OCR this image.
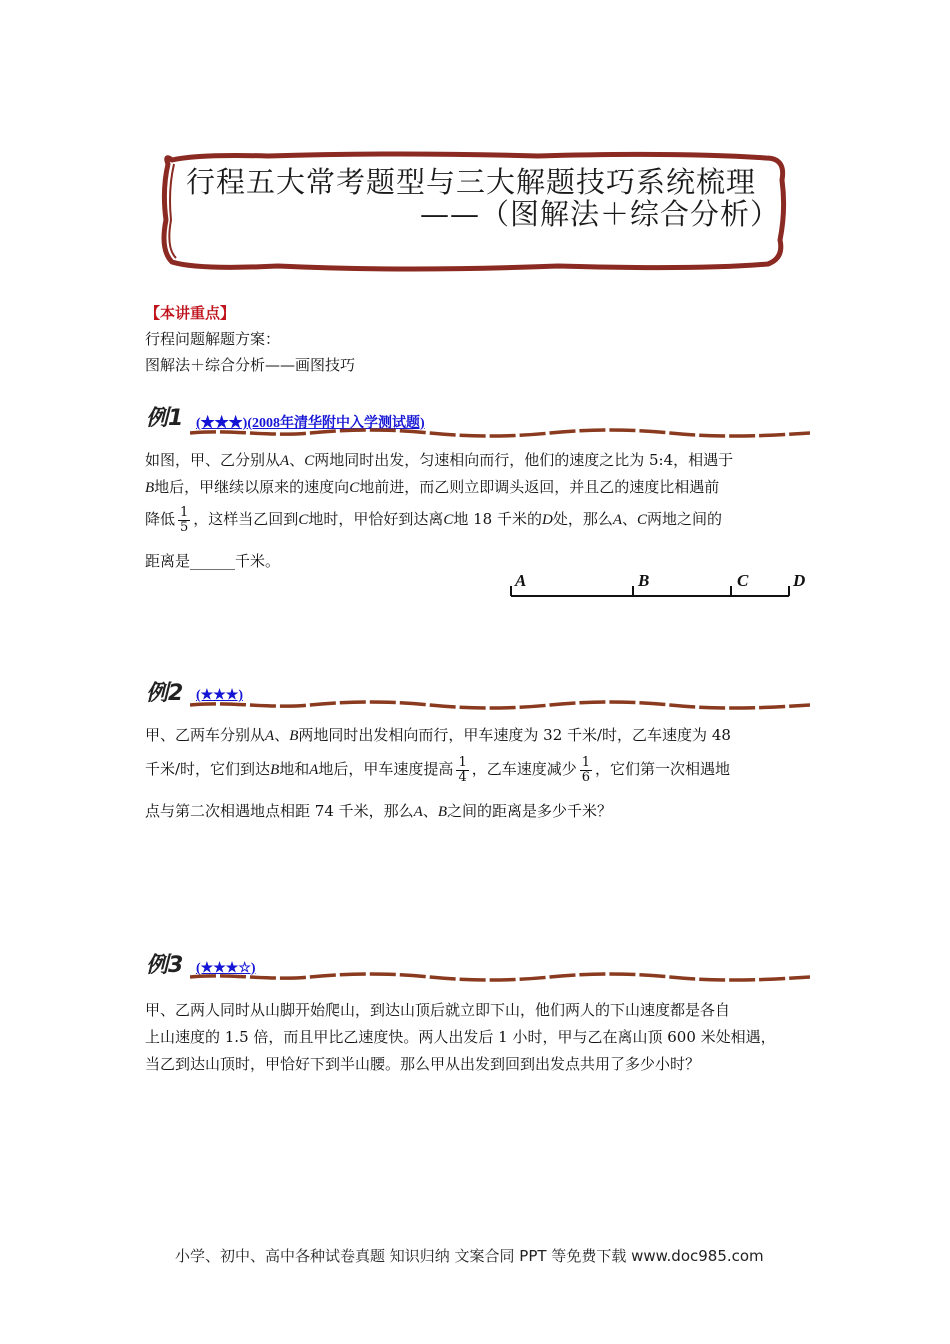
行程五大常考题型与三大解题技巧系统梳理
——（图解法＋综合分析）
【本讲重点】
行程问题解题方案：
图解法＋综合分析——画图技巧
例1 (★★★)(2008年清华附中入学测试题)
如图，甲、乙分别从A、C两地同时出发，匀速相向而行，他们的速度之比为 5:4，相遇于
B地后，甲继续以原来的速度向C地前进，而乙则立即调头返回，并且乙的速度比相遇前
降低 $\frac{1}{5}$ ，这样当乙回到C地时，甲恰好到达离C地 18 千米的D处，那么A、C两地之间的
距离是______千米。
A	B	C	D
例2 (★★★)
甲、乙两车分别从A、B两地同时出发相向而行，甲车速度为 32 千米/时，乙车速度为 48
千米/时，它们到达B地和A地后，甲车速度提高 $\frac{1}{4}$ ，乙车速度减少 $\frac{1}{6}$ ，它们第一次相遇地
点与第二次相遇地点相距 74 千米，那么A、B之间的距离是多少千米？
例3 (★★★☆)
甲、乙两人同时从山脚开始爬山，到达山顶后就立即下山，他们两人的下山速度都是各自
上山速度的 1.5 倍，而且甲比乙速度快。两人出发后 1 小时，甲与乙在离山顶 600 米处相遇，
当乙到达山顶时，甲恰好下到半山腰。那么甲从出发到回到出发点共用了多少小时？
小学、初中、高中各种试卷真题 知识归纳 文案合同 PPT 等免费下载 www.doc985.com
